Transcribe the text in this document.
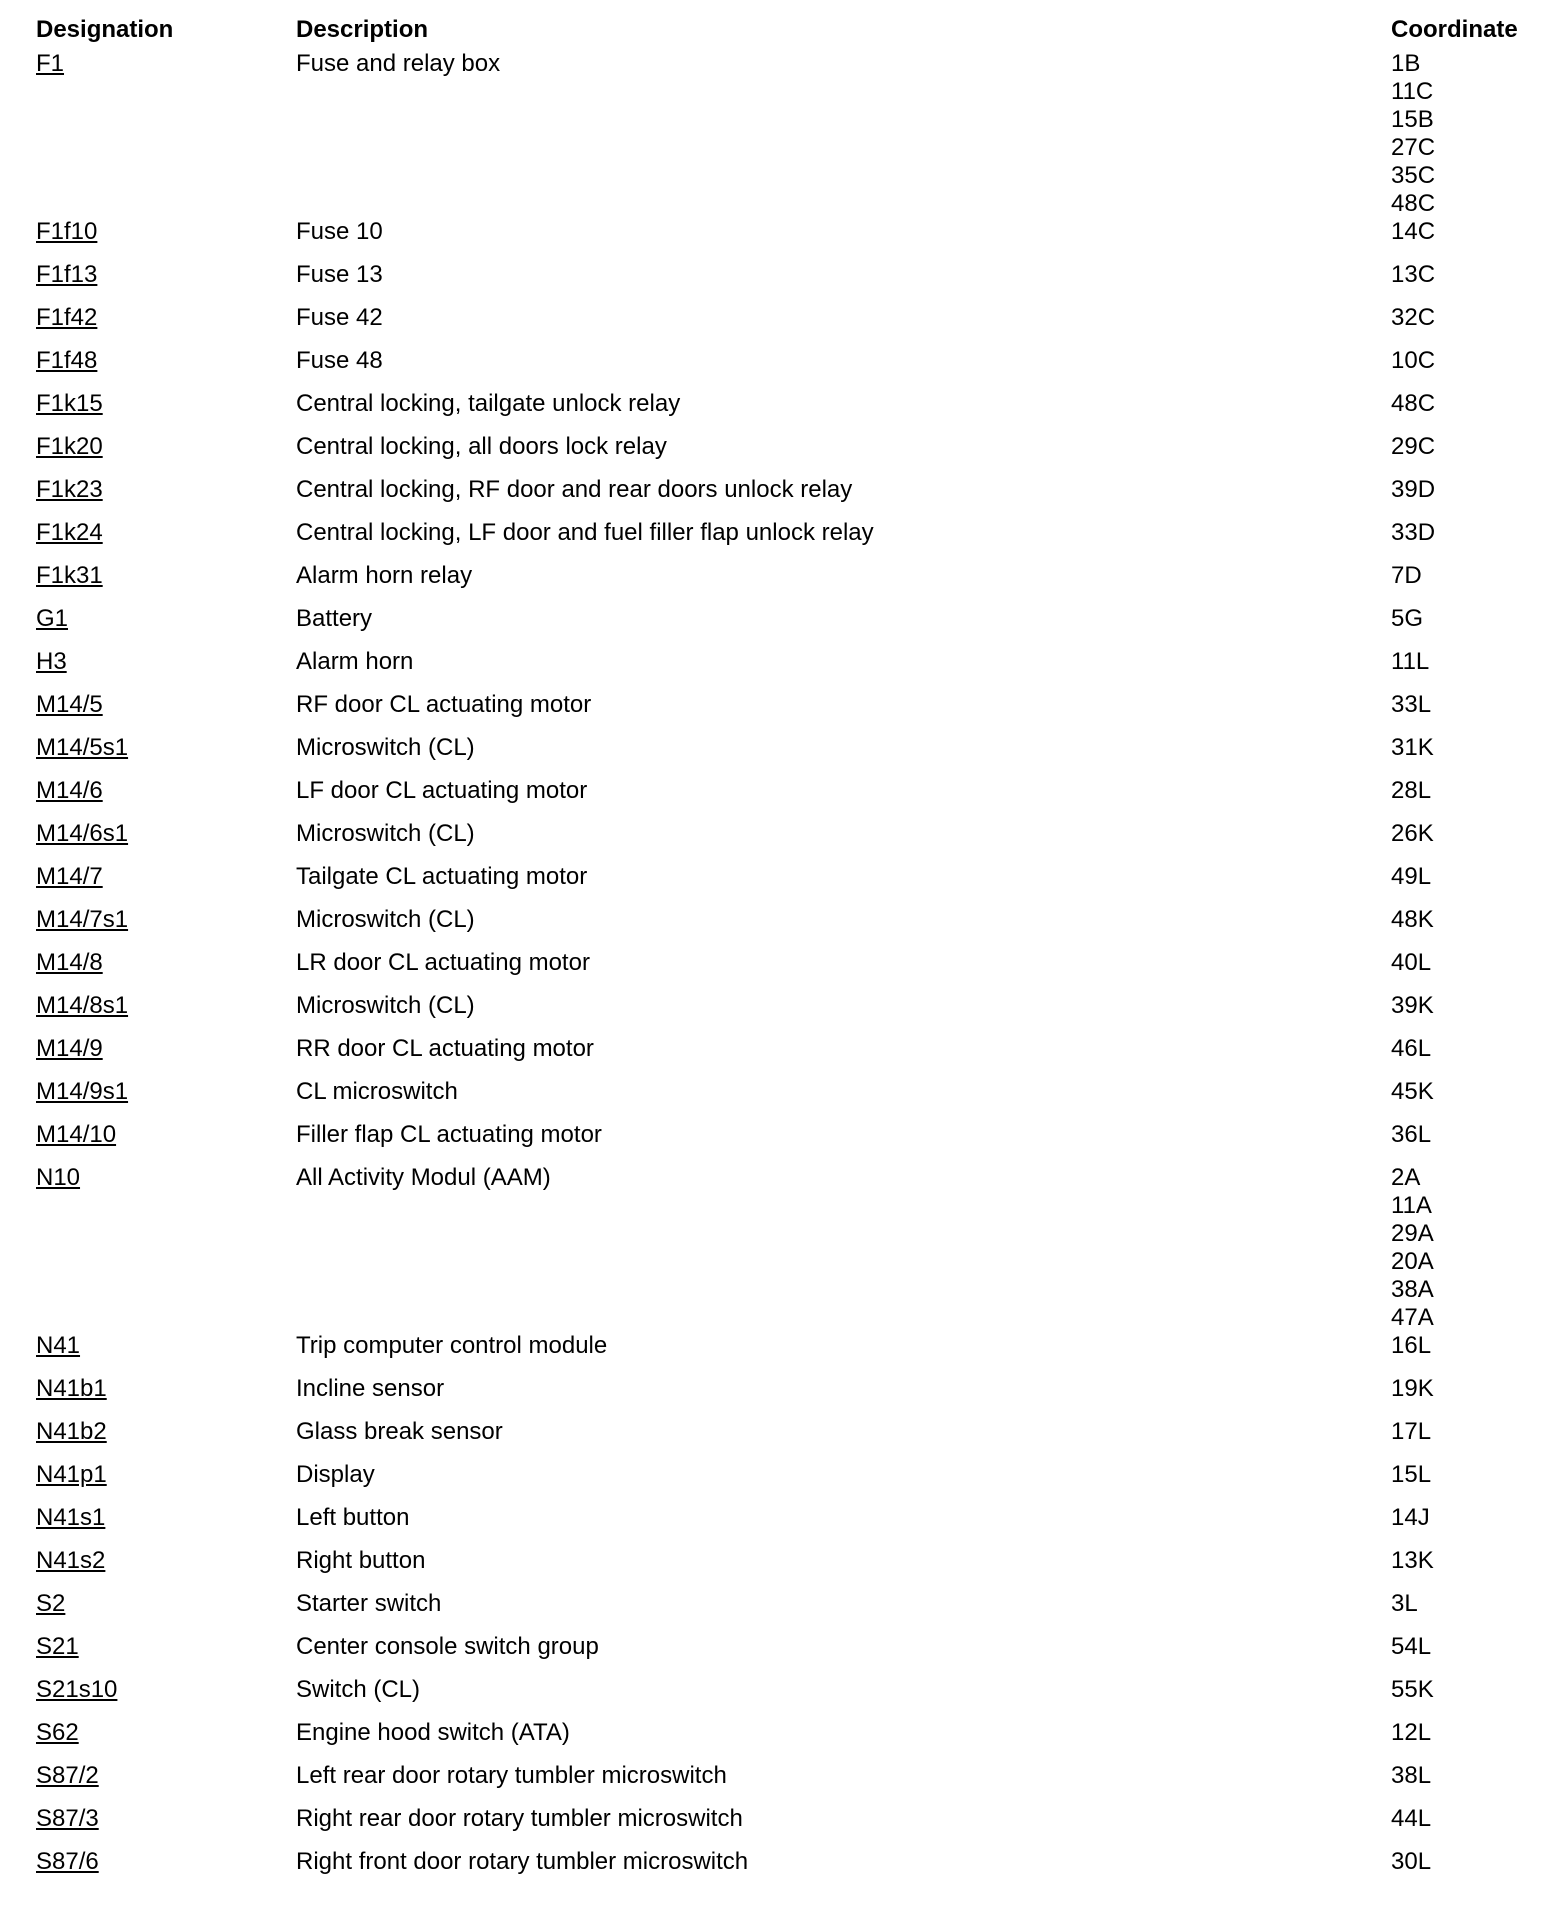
Designation	Description	Coordinate
F1	Fuse and relay box	1B
11C
15B
27C
35C
48C
F1f10	Fuse 10	14C
F1f13	Fuse 13	13C
F1f42	Fuse 42	32C
F1f48	Fuse 48	10C
F1k15	Central locking, tailgate unlock relay	48C
F1k20	Central locking, all doors lock relay	29C
F1k23	Central locking, RF door and rear doors unlock relay	39D
F1k24	Central locking, LF door and fuel filler flap unlock relay	33D
F1k31	Alarm horn relay	7D
G1	Battery	5G
H3	Alarm horn	11L
M14/5	RF door CL actuating motor	33L
M14/5s1	Microswitch (CL)	31K
M14/6	LF door CL actuating motor	28L
M14/6s1	Microswitch (CL)	26K
M14/7	Tailgate CL actuating motor	49L
M14/7s1	Microswitch (CL)	48K
M14/8	LR door CL actuating motor	40L
M14/8s1	Microswitch (CL)	39K
M14/9	RR door CL actuating motor	46L
M14/9s1	CL microswitch	45K
M14/10	Filler flap CL actuating motor	36L
N10	All Activity Modul (AAM)	2A
11A
29A
20A
38A
47A
N41	Trip computer control module	16L
N41b1	Incline sensor	19K
N41b2	Glass break sensor	17L
N41p1	Display	15L
N41s1	Left button	14J
N41s2	Right button	13K
S2	Starter switch	3L
S21	Center console switch group	54L
S21s10	Switch (CL)	55K
S62	Engine hood switch (ATA)	12L
S87/2	Left rear door rotary tumbler microswitch	38L
S87/3	Right rear door rotary tumbler microswitch	44L
S87/6	Right front door rotary tumbler microswitch	30L
